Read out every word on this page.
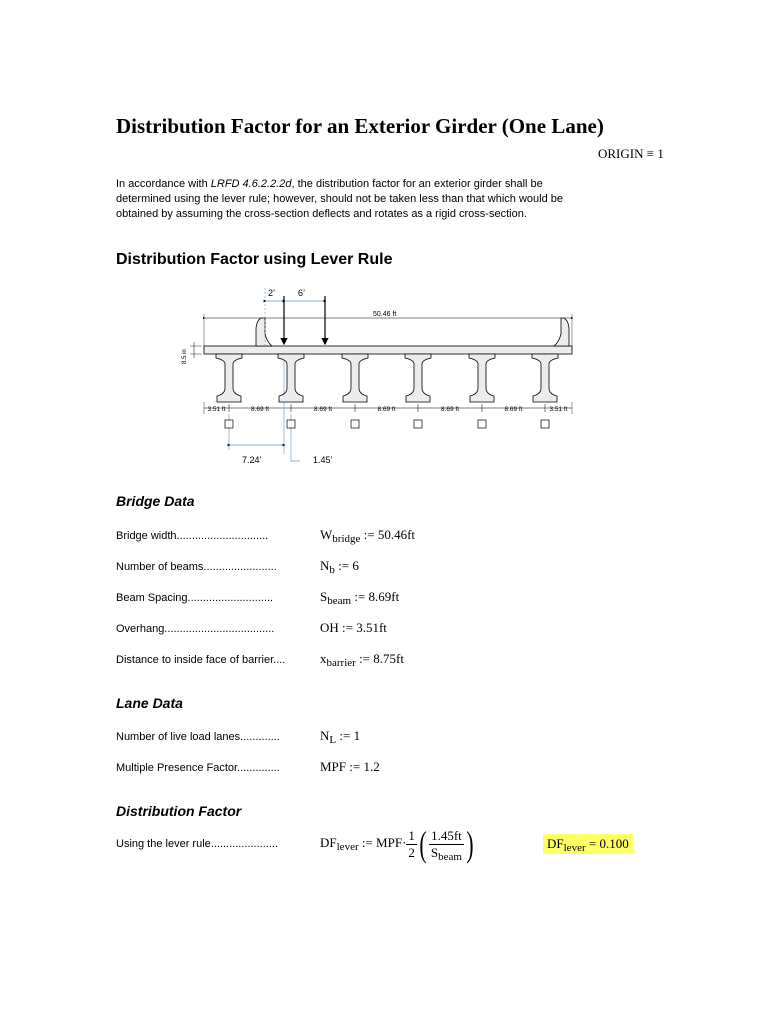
Distribution Factor for an Exterior Girder (One Lane)
ORIGIN ≡ 1
In accordance with LRFD 4.6.2.2.2d, the distribution factor for an exterior girder shall be determined using the lever rule; however, should not be taken less than that which would be obtained by assuming the cross-section deflects and rotates as a rigid cross-section.
Distribution Factor using Lever Rule
2’	6’
50.46 ft
8.5 in
7.24’	1.45’
3.51 ft	8.69 ft	8.69 ft	8.69 ft	8.69 ft	8.69 ft	3.51 ft
Bridge Data
Bridge width..............................	$W_{bridge}$ := 50.46ft
Number of beams........................	$N_b$ := 6
Beam Spacing............................	$S_{beam}$ := 8.69ft
Overhang....................................	OH := 3.51ft
Distance to inside face of barrier....	$x_{barrier}$ := 8.75ft
Lane Data
Number of live load lanes.............	$N_L$ := 1
Multiple Presence Factor..............	MPF := 1.2
Distribution Factor
Using the lever rule......................	$DF_{lever}$ := $MPF\cdot \frac{1}{2}$ ( $\frac{1.45ft}{S_{beam}}$ )	$DF_{lever} = 0.100$
